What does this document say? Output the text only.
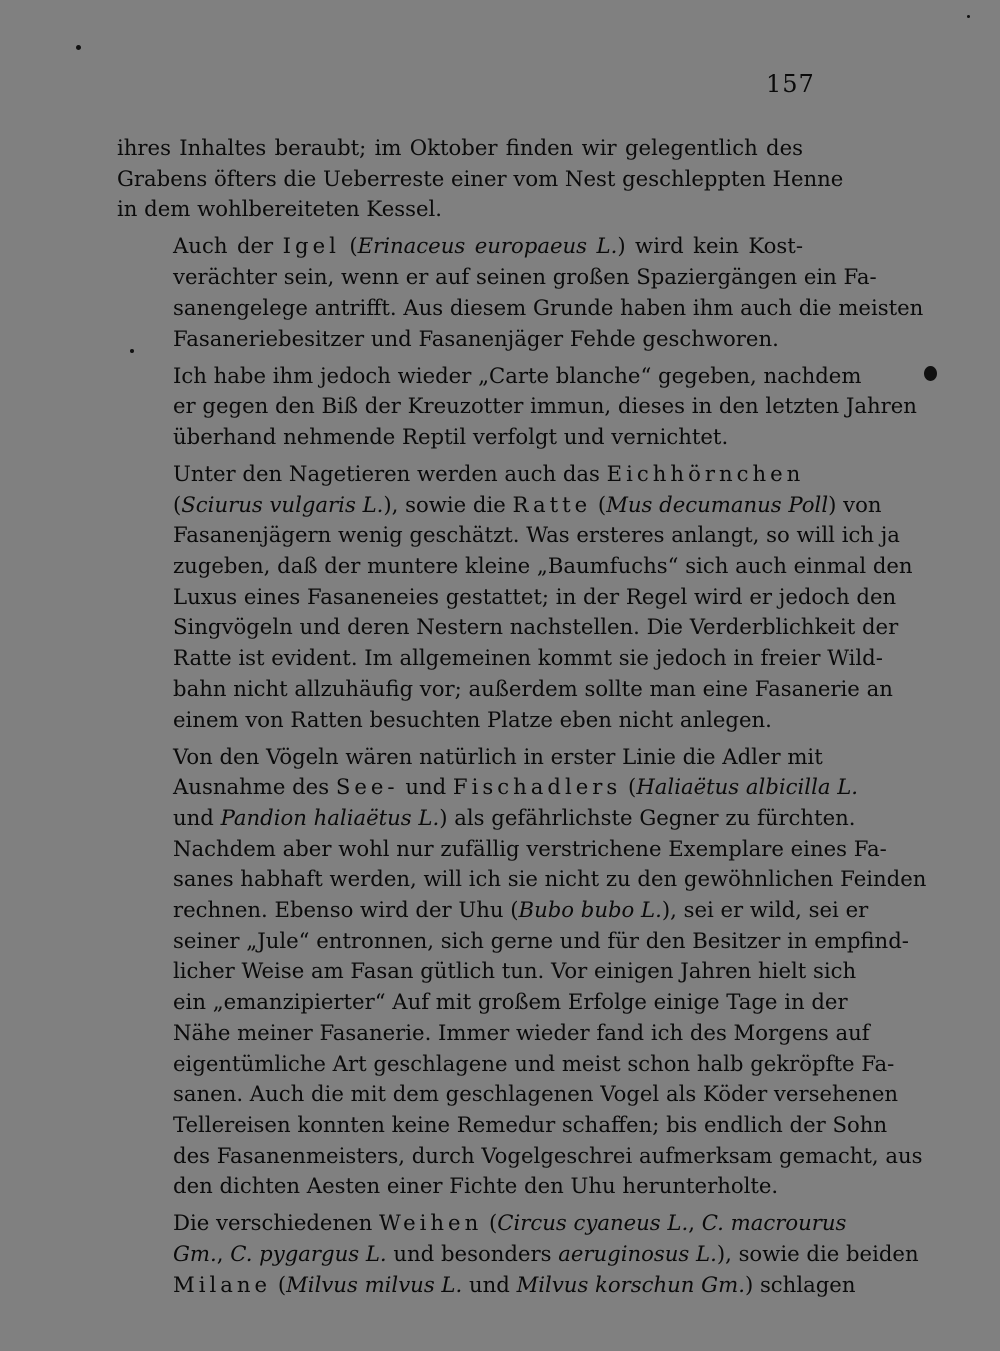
157

ihres Inhaltes beraubt; im Oktober finden wir gelegentlich des
Grabens öfters die Ueberreste einer vom Nest geschleppten Henne
in dem wohlbereiteten Kessel.

Auch der Igel (Erinaceus europaeus L.) wird kein Kost-
verächter sein, wenn er auf seinen großen Spaziergängen ein Fa-
sanengelege antrifft. Aus diesem Grunde haben ihm auch die meisten
Fasaneriebesitzer und Fasanenjäger Fehde geschworen.

Ich habe ihm jedoch wieder „Carte blanche“ gegeben, nachdem
er gegen den Biß der Kreuzotter immun, dieses in den letzten Jahren
überhand nehmende Reptil verfolgt und vernichtet.

Unter den Nagetieren werden auch das Eichhörnchen
(Sciurus vulgaris L.), sowie die Ratte (Mus decumanus Poll) von
Fasanenjägern wenig geschätzt. Was ersteres anlangt, so will ich ja
zugeben, daß der muntere kleine „Baumfuchs“ sich auch einmal den
Luxus eines Fasaneneies gestattet; in der Regel wird er jedoch den
Singvögeln und deren Nestern nachstellen. Die Verderblichkeit der
Ratte ist evident. Im allgemeinen kommt sie jedoch in freier Wild-
bahn nicht allzuhäufig vor; außerdem sollte man eine Fasanerie an
einem von Ratten besuchten Platze eben nicht anlegen.

Von den Vögeln wären natürlich in erster Linie die Adler mit
Ausnahme des See- und Fischadlers (Haliaëtus albicilla L.
und Pandion haliaëtus L.) als gefährlichste Gegner zu fürchten.
Nachdem aber wohl nur zufällig verstrichene Exemplare eines Fa-
sanes habhaft werden, will ich sie nicht zu den gewöhnlichen Feinden
rechnen. Ebenso wird der Uhu (Bubo bubo L.), sei er wild, sei er
seiner „Jule“ entronnen, sich gerne und für den Besitzer in empfind-
licher Weise am Fasan gütlich tun. Vor einigen Jahren hielt sich
ein „emanzipierter“ Auf mit großem Erfolge einige Tage in der
Nähe meiner Fasanerie. Immer wieder fand ich des Morgens auf
eigentümliche Art geschlagene und meist schon halb gekröpfte Fa-
sanen. Auch die mit dem geschlagenen Vogel als Köder versehenen
Tellereisen konnten keine Remedur schaffen; bis endlich der Sohn
des Fasanenmeisters, durch Vogelgeschrei aufmerksam gemacht, aus
den dichten Aesten einer Fichte den Uhu herunterholte.

Die verschiedenen Weihen (Circus cyaneus L., C. macrourus
Gm., C. pygargus L. und besonders aeruginosus L.), sowie die beiden
Milane (Milvus milvus L. und Milvus korschun Gm.) schlagen
